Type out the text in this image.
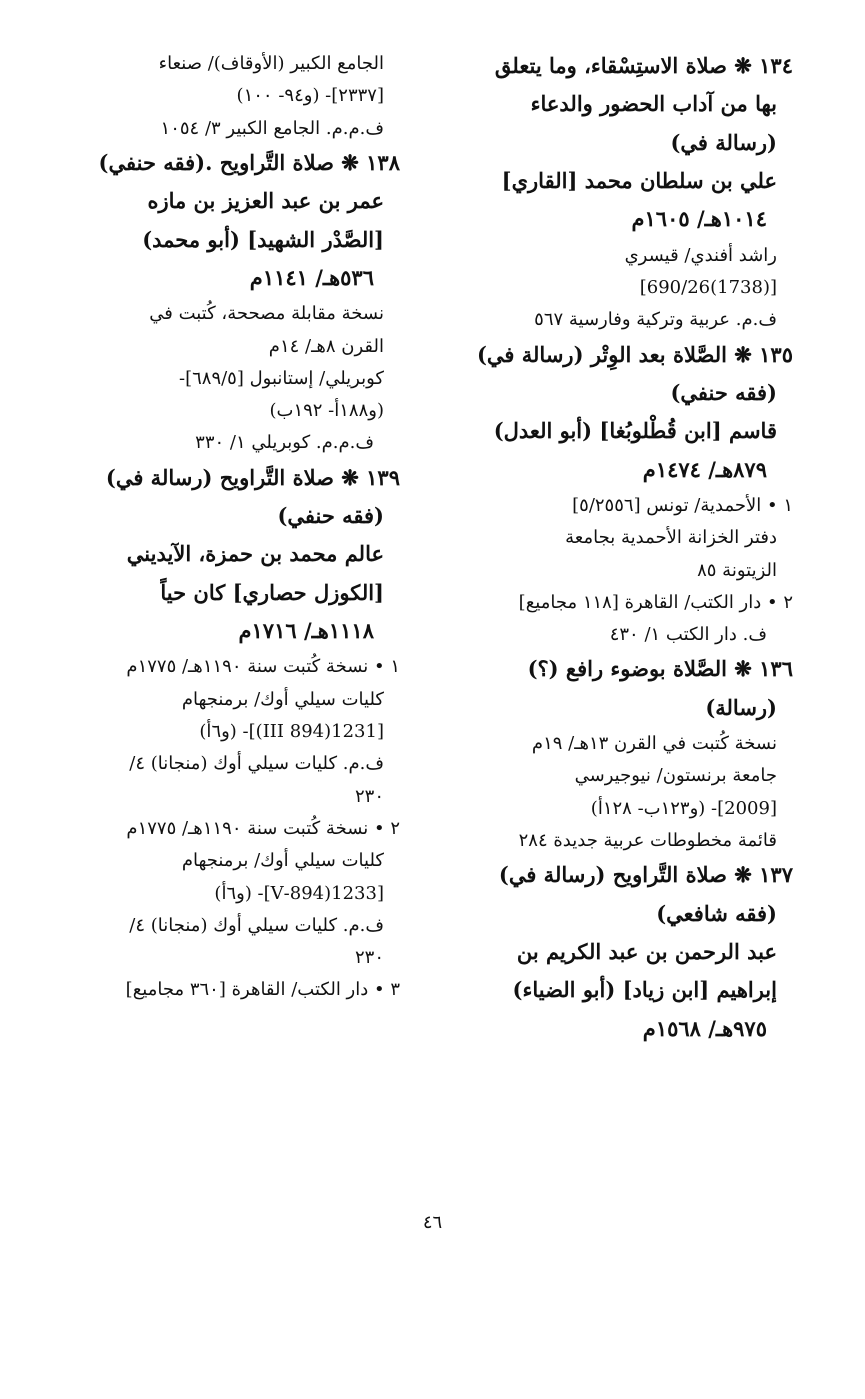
١٣٤ ❋ صلاة الاستِسْقاء، وما يتعلق
بها من آداب الحضور والدعاء
(رسالة في)
علي بن سلطان محمد [القاري]
١٠١٤هـ/ ١٦٠٥م
راشد أفندي/ قيسري
[(1738)690/26]
ف.م. عربية وتركية وفارسية ٥٦٧
١٣٥ ❋ الصَّلاة بعد الوِتْر (رسالة في)
(فقه حنفي)
قاسم [ابن قُطْلوبُغا] (أبو العدل)
٨٧٩هـ/ ١٤٧٤م
١ • الأحمدية/ تونس [٥/٢٥٥٦]
دفتر الخزانة الأحمدية بجامعة
الزيتونة ٨٥
٢ • دار الكتب/ القاهرة [١١٨ مجاميع]
ف. دار الكتب ١/ ٤٣٠
١٣٦ ❋ الصَّلاة بوضوء رافع (؟)
(رسالة)
نسخة كُتبت في القرن ١٣هـ/ ١٩م
جامعة برنستون/ نيوجيرسي
[2009]- (و١٢٣ب- ١٢٨أ)
قائمة مخطوطات عربية جديدة ٢٨٤
١٣٧ ❋ صلاة التَّراويح (رسالة في)
(فقه شافعي)
عبد الرحمن بن عبد الكريم بن
إبراهيم [ابن زياد] (أبو الضياء)
٩٧٥هـ/ ١٥٦٨م
الجامع الكبير (الأوقاف)/ صنعاء
[٢٣٣٧]- (و٩٤- ١٠٠)
ف.م.م. الجامع الكبير ٣/ ١٠٥٤
١٣٨ ❋ صلاة التَّراويح .(فقه حنفي)
عمر بن عبد العزيز بن مازه
[الصَّدْر الشهيد] (أبو محمد)
٥٣٦هـ/ ١١٤١م
نسخة مقابلة مصححة، كُتبت في
القرن ٨هـ/ ١٤م
كوبريلي/ إستانبول [٦٨٩/٥]-
(و١٨٨أ- ١٩٢ب)
ف.م.م. كوبريلي ١/ ٣٣٠
١٣٩ ❋ صلاة التَّراويح (رسالة في)
(فقه حنفي)
عالم محمد بن حمزة، الآيديني
[الكوزل حصاري] كان حياً
١١١٨هـ/ ١٧١٦م
١ • نسخة كُتبت سنة ١١٩٠هـ/ ١٧٧٥م
كليات سيلي أوك/ برمنجهام
[1231(894 III)]- (و٦أ)
ف.م. كليات سيلي أوك (منجانا) ٤/
٢٣٠
٢ • نسخة كُتبت سنة ١١٩٠هـ/ ١٧٧٥م
كليات سيلي أوك/ برمنجهام
[1233(894-V]- (و٦أ)
ف.م. كليات سيلي أوك (منجانا) ٤/
٢٣٠
٣ • دار الكتب/ القاهرة [٣٦٠ مجاميع]
٤٦
